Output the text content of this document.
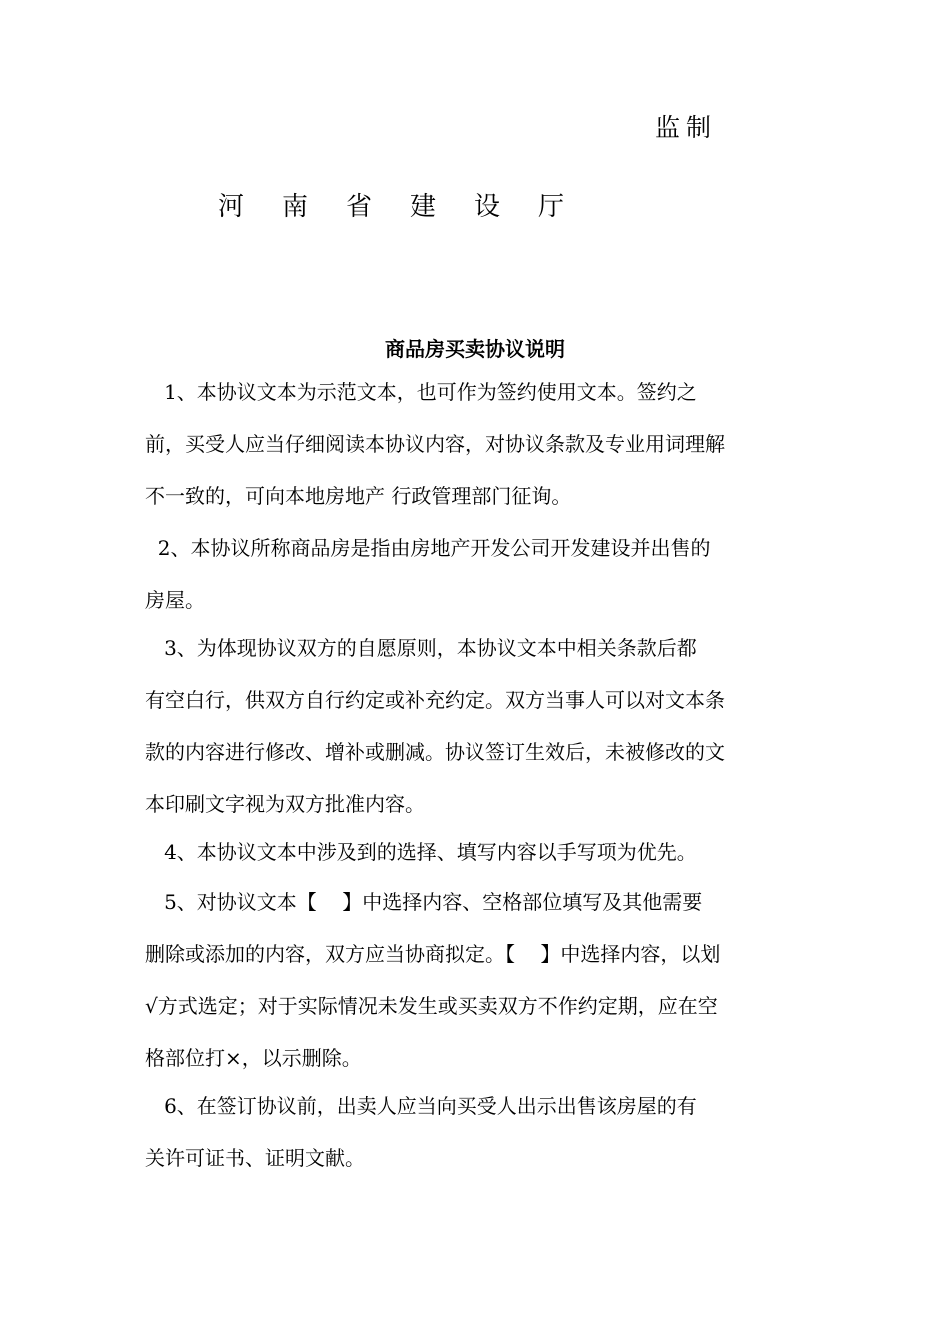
监制
河南省建设厅
商品房买卖协议说明
1、本协议文本为示范文本，也可作为签约使用文本。签约之
前，买受人应当仔细阅读本协议内容，对协议条款及专业用词理解
不一致的，可向本地房地产 行政管理部门征询。
2、本协议所称商品房是指由房地产开发公司开发建设并出售的
房屋。
3、为体现协议双方的自愿原则，本协议文本中相关条款后都
有空白行，供双方自行约定或补充约定。双方当事人可以对文本条
款的内容进行修改、增补或删减。协议签订生效后，未被修改的文
本印刷文字视为双方批准内容。
4、本协议文本中涉及到的选择、填写内容以手写项为优先。
5、对协议文本【    】中选择内容、空格部位填写及其他需要
删除或添加的内容，双方应当协商拟定。【    】中选择内容，以划
√方式选定；对于实际情况未发生或买卖双方不作约定期，应在空
格部位打×，以示删除。
6、在签订协议前，出卖人应当向买受人出示出售该房屋的有
关许可证书、证明文献。
